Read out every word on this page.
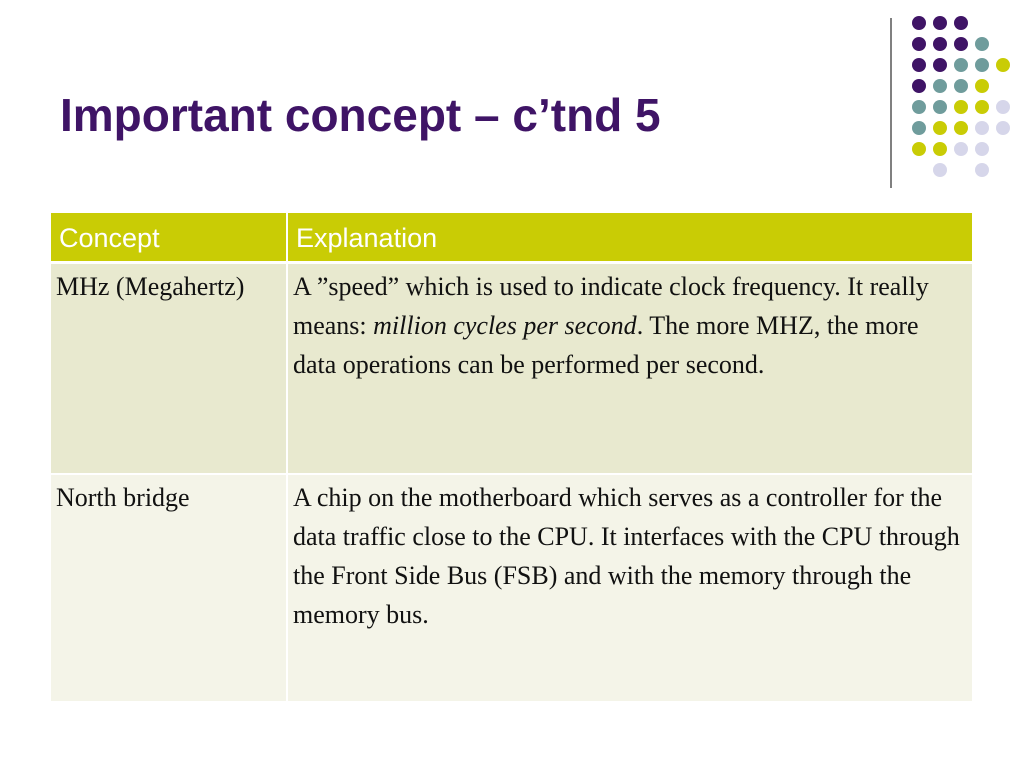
Important concept – c’tnd 5
Concept	Explanation
MHz (Megahertz)	A ”speed” which is used to indicate clock frequency. It really means: million cycles per second. The more MHZ, the more data operations can be performed per second.
North bridge	A chip on the motherboard which serves as a controller for the data traffic close to the CPU. It interfaces with the CPU through the Front Side Bus (FSB) and with the memory through the memory bus.
